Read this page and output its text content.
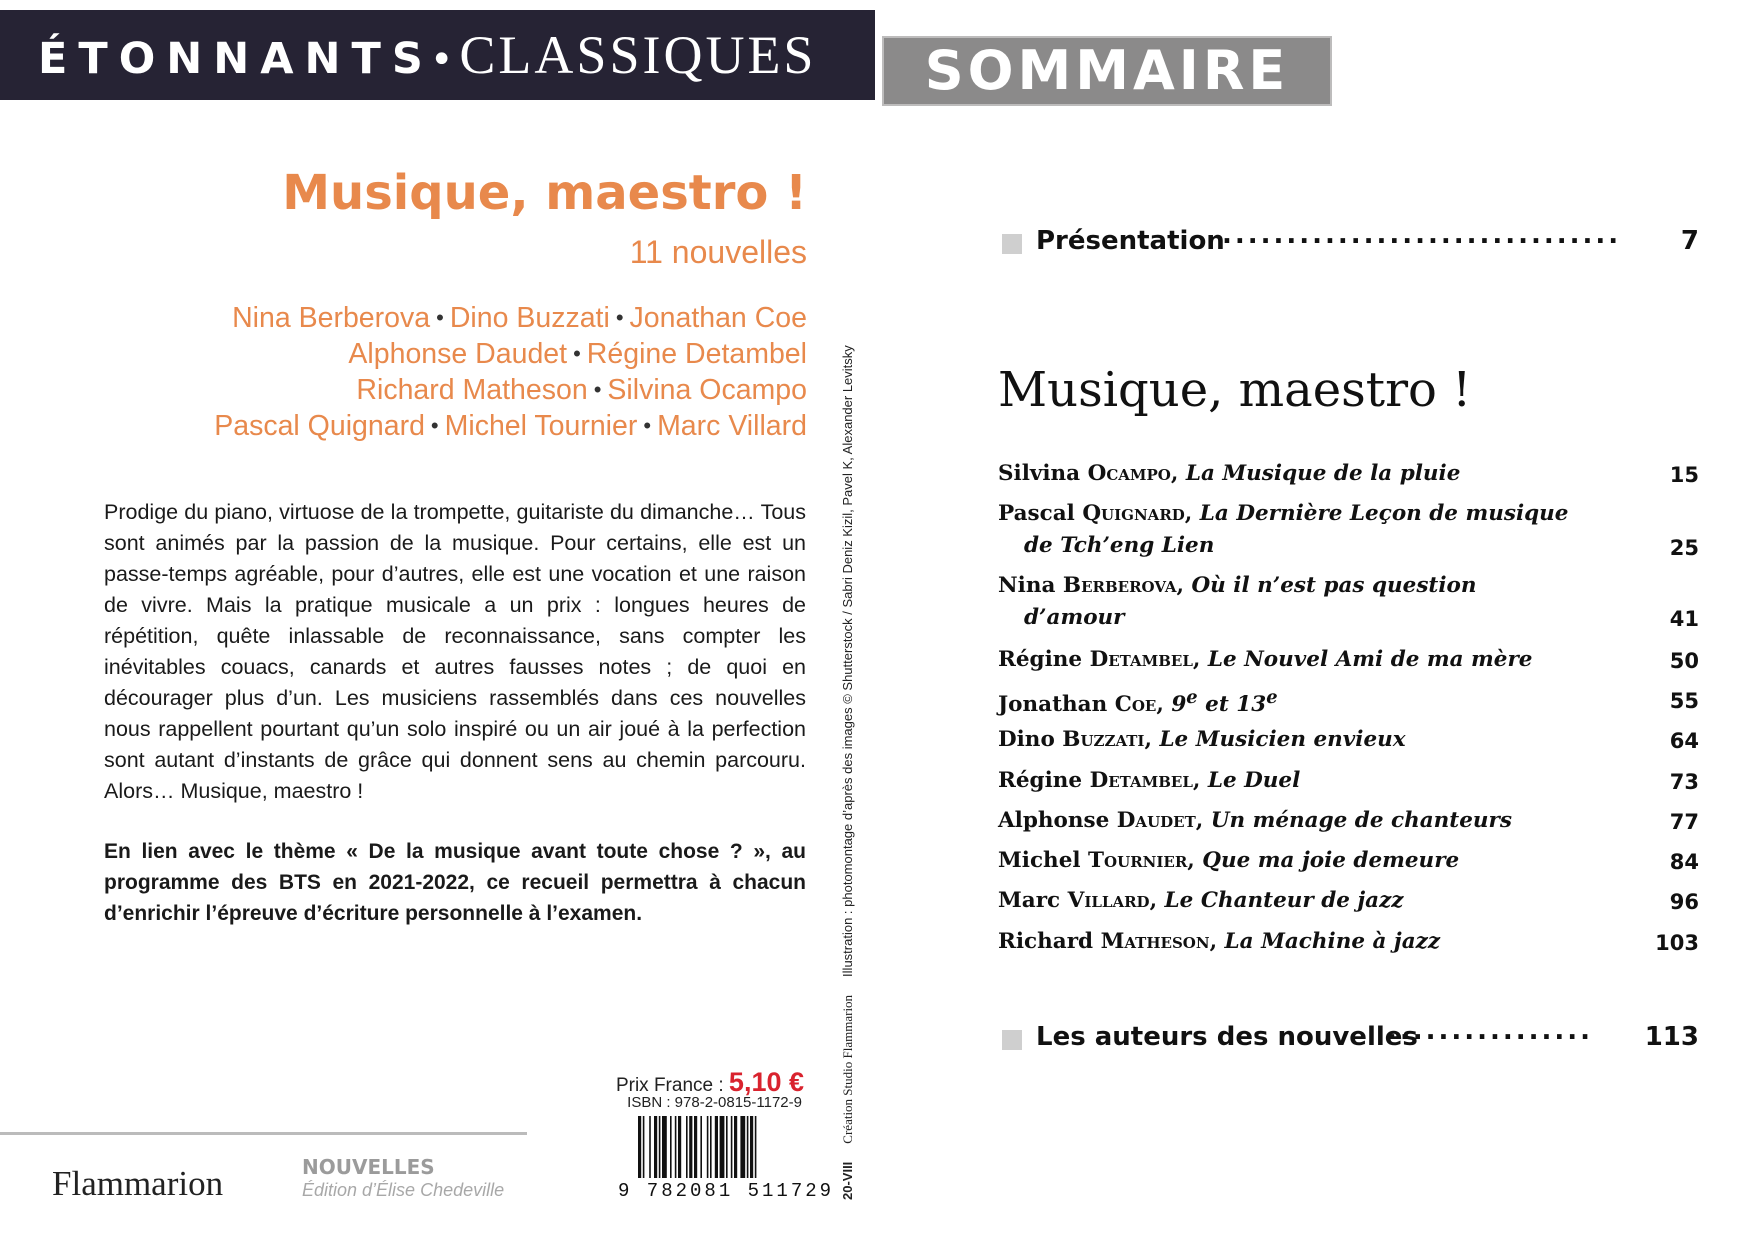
ÉTONNANTS• CLASSIQUES
Musique, maestro !
11 nouvelles
Nina Berberova • Dino Buzzati • Jonathan Coe
Alphonse Daudet • Régine Detambel
Richard Matheson • Silvina Ocampo
Pascal Quignard • Michel Tournier • Marc Villard
Prodige du piano, virtuose de la trompette, guitariste du dimanche… Tous sont animés par la passion de la musique. Pour certains, elle est un passe-temps agréable, pour d’autres, elle est une vocation et une raison de vivre. Mais la pratique musicale a un prix : longues heures de répétition, quête inlassable de reconnaissance, sans compter les inévitables couacs, canards et autres fausses notes ; de quoi en décourager plus d’un. Les musiciens rassemblés dans ces nouvelles nous rappellent pourtant qu’un solo inspiré ou un air joué à la perfection sont autant d’instants de grâce qui donnent sens au chemin parcouru. Alors… Musique, maestro !
En lien avec le thème « De la musique avant toute chose ? », au programme des BTS en 2021-2022, ce recueil permettra à chacun d’enrichir l’épreuve d’écriture personnelle à l’examen.
20-VIIICréation Studio FlammarionIllustration : photomontage d’après des images © Shutterstock / Sabri Deniz Kizil, Pavel K, Alexander Levitsky
Prix France : 5,10 €
ISBN : 978-2-0815-1172-9
9 782081 511729
Flammarion	NOUVELLES
Édition d’Élise Chedeville
SOMMAIRE
Présentation
............................... 7
Musique, maestro !
Silvina Ocampo, La Musique de la pluie	15
Pascal Quignard, La Dernière Leçon de musique
de Tch’eng Lien	25
Nina Berberova, Où il n’est pas question
d’amour	41
Régine Detambel, Le Nouvel Ami de ma mère	50
Jonathan Coe, 9e et 13e	55
Dino Buzzati, Le Musicien envieux	64
Régine Detambel, Le Duel	73
Alphonse Daudet, Un ménage de chanteurs	77
Michel Tournier, Que ma joie demeure	84
Marc Villard, Le Chanteur de jazz	96
Richard Matheson, La Machine à jazz	103
Les auteurs des nouvelles
................ 113
